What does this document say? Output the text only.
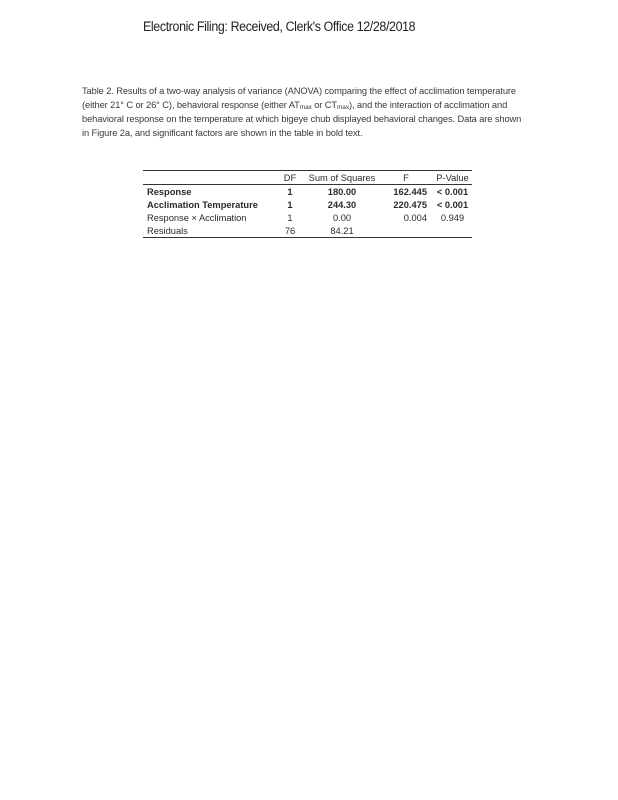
Electronic Filing: Received, Clerk's Office 12/28/2018
Table 2. Results of a two-way analysis of variance (ANOVA) comparing the effect of acclimation temperature (either 21° C or 26° C), behavioral response (either $AT_{max}$ or $CT_{max}$), and the interaction of acclimation and behavioral response on the temperature at which bigeye chub displayed behavioral changes. Data are shown in Figure 2a, and significant factors are shown in the table in bold text.
	DF	Sum of Squares	F	P-Value
Response	1	180.00	162.445	< 0.001
Acclimation Temperature	1	244.30	220.475	< 0.001
Response × Acclimation	1	0.00	0.004	0.949
Residuals	76	84.21		
